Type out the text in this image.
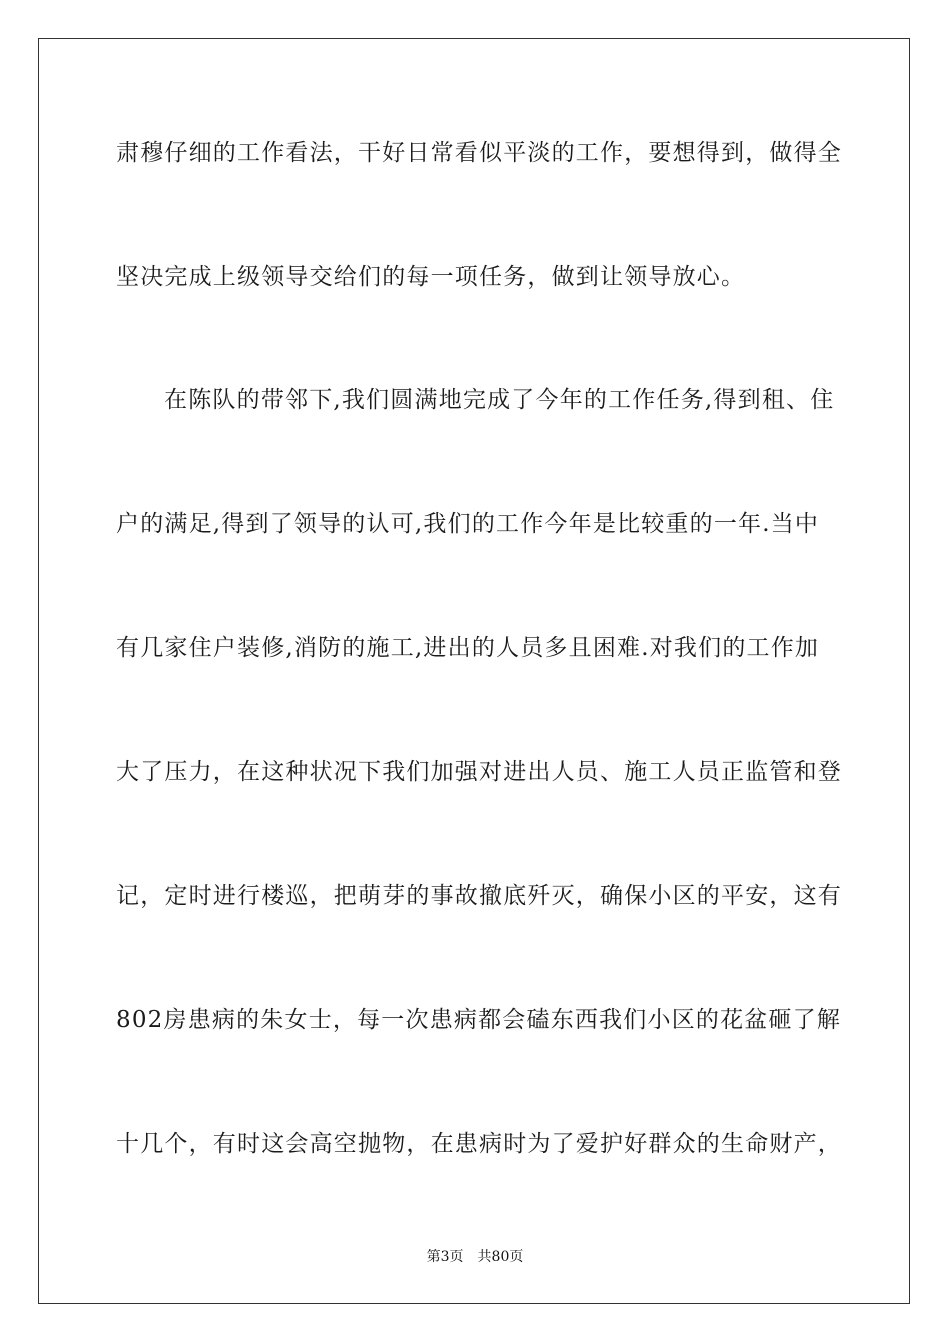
肃穆仔细的工作看法，干好日常看似平淡的工作，要想得到，做得全
坚决完成上级领导交给们的每一项任务，做到让领导放心。
在陈队的带邻下,我们圆满地完成了今年的工作任务,得到租、住
户的满足,得到了领导的认可,我们的工作今年是比较重的一年.当中
有几家住户装修,消防的施工,进出的人员多且困难.对我们的工作加
大了压力，在这种状况下我们加强对进出人员、施工人员正监管和登
记，定时进行楼巡，把萌芽的事故撤底歼灭，确保小区的平安，这有
802房患病的朱女士，每一次患病都会磕东西我们小区的花盆砸了解
十几个，有时这会高空抛物，在患病时为了爱护好群众的生命财产，
第3页 共80页
